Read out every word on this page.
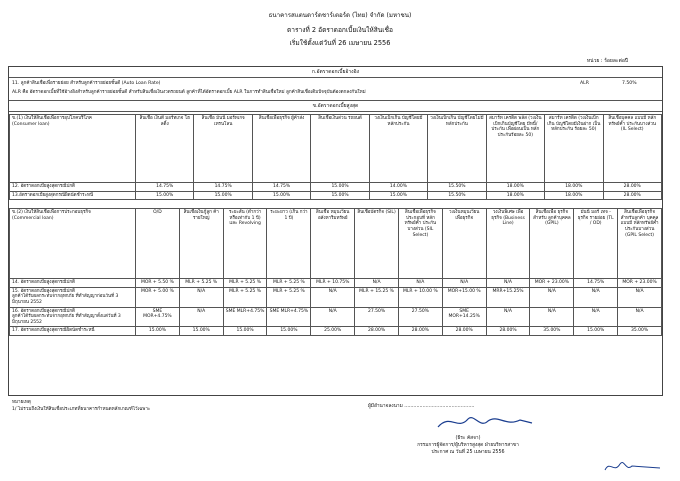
ธนาคารสแตนดาร์ดชาร์เตอร์ด (ไทย) จำกัด (มหาชน)
ตารางที่ 2 อัตราดอกเบี้ยเงินให้สินเชื่อ
เริ่มใช้ตั้งแต่วันที่ 26 เมษายน 2556
หน่วย : ร้อยละต่อปี
ก.อัตราดอกเบี้ยอ้างอิง
11. ลูกค้าสินเชื่อเพื่อรายย่อย สำหรับลูกค้ารายย่อยชั้นดี (Auto Loan Rate)	ALR	7.50%
ALR คือ อัตราดอกเบี้ยที่ใช้อ้างอิงสำหรับลูกค้ารายย่อยชั้นดี สำหรับสินเชื่อเงินงวดรถยนต์ ลูกค้าที่ได้อัตราดอกเบี้ย ALR ในการทำสินเชื่อใหม่ ลูกค้าสินเชื่อเดิมปัจจุบันต้องตกลงกันใหม่
ข.อัตราดอกเบี้ยสูงสุด
ข.(1) เงินให้สินเชื่อเพื่อการอุปโภคบริโภค
(Consumer loan)	สินเชื่อ เงินดี มอร์ทเกจ โฮลดิ้ง	สินเชื่อ มันนี่ มอร์ทเกจ เทรนโลน	สินเชื่อเพื่อธุรกิจ ผู้ค้าส่ง	สินเชื่อเงินด่วน รถยนต์	วงเงินเบิกเกิน บัญชีโดยมี หลักประกัน	วงเงินเบิกเกิน บัญชีโดยไม่มี หลักประกัน	สมาร์ท เครดิต พลัส (วงเงิน เบิกเกินบัญชีโดย มีหนี้/ประกัน เพื่อผ่อนเป็น หลักประกันร้อยละ 50)	สมาร์ท เครดิต (วงเงินเบิกเกิน บัญชีโดยมีเงินฝาก เป็นหลักประกัน ร้อยละ 50)	สินเชื่อบุคคล แบบมี หลักทรัพย์ค้ำ ประกันบางส่วน (IL Select)
12. อัตราดอกเบี้ยสูงสุดกรณีปกติ	14.75%	14.75%	14.75%	15.00%	14.00%	15.50%	18.00%	18.00%	28.00%
13.อัตราดอกเบี้ยสูงสุดกรณีผิดนัดชำระหนี้	15.00%	15.00%	15.00%	15.00%	15.00%	15.50%	18.00%	18.00%	28.00%
ข.(2) เงินให้สินเชื่อเพื่อการประกอบธุรกิจ
(Commercial loan)	O/D	สินเชื่อเงินกู้ลูก ค้ารายใหญ่	ระยะสั้น (ต่ำกว่า หรือเท่ากับ 1 ปี) และ Revolving	ระยะยาว (เกิน กว่า 1 ปี)	สินเชื่อ หมุนเวียน อสังหาริมทรัพย์	สินเชื่อบัตรกิจ (SIL)	สินเชื่อเพื่อธุรกิจ ประกอบที่ หลักทรัพย์ค้ำ ประกันบางส่วน (SIL Select)	วงเงินหมุนเวียน เพื่อธุรกิจ	วงเงินพิเศษ เพื่อธุรกิจ (Business Line)	สินเชื่อเพื่อ ธุรกิจสำหรับ ลูกค้าบุคคล (GPIL)	มันนี่ มอร์ เทจ - ธุรกิจ รายย่อย (TL / OD)	สินเชื่อเพื่อธุรกิจ สำหรับลูกค้า บุคคลแบบมี หลักทรัพย์ค้ำ ประกันบางส่วน (GPIL Select)
14. อัตราดอกเบี้ยสูงสุดกรณีปกติ	MOR + 5.50 %	MLR + 5.25 %	MLR + 5.25 %	MLR + 5.25 %	MLR + 10.75%	N/A	N/A	N/A	N/A	MOR + 23.00%	14.75%	MOR + 23.00%
15. อัตราดอกเบี้ยสูงสุดกรณีปกติ
ลูกค้าได้รับผลกระทบจากอุทกภัย ที่ทำสัญญาก่อนวันที่ 3 มิถุนายน 2552	MOR + 5.00 %	N/A	MLR + 5.25 %	MLR + 5.25 %	N/A	MLR + 15.25 %	MLR + 10.00 %	MOR+15.00 %	MRR+15.25%	N/A	N/A	N/A
16. อัตราดอกเบี้ยสูงสุดกรณีปกติ
ลูกค้าได้รับผลกระทบจากอุทกภัย ที่ทำสัญญาตั้งแต่วันที่ 3 มิถุนายน 2552	SME MOR+4.75%	N/A	SME MLR+4.75%	SME MLR+4.75%	N/A	27.50%	27.50%	SME MOR+14.25%	N/A	N/A	N/A	N/A
17. อัตราดอกเบี้ยสูงสุดกรณีผิดนัดชำระหนี้	15.00%	15.00%	15.00%	15.00%	25.00%	28.00%	28.00%	28.00%	28.00%	35.00%	15.00%	35.00%
หมายเหตุ
1/ ไม่รวมถึงเงินให้สินเชื่อประเภทที่ธนาคารกำหนดหลักเกณฑ์ไว้เฉพาะ
ผู้มีอำนาจลงนาม ..............................................
(ธีระ คัสจา)
กรรมการผู้จัดการ/ผู้บริหารสูงสุด ฝ่ายบริหารสาขา
ประกาศ ณ วันที่ 25 เมษายน 2556
